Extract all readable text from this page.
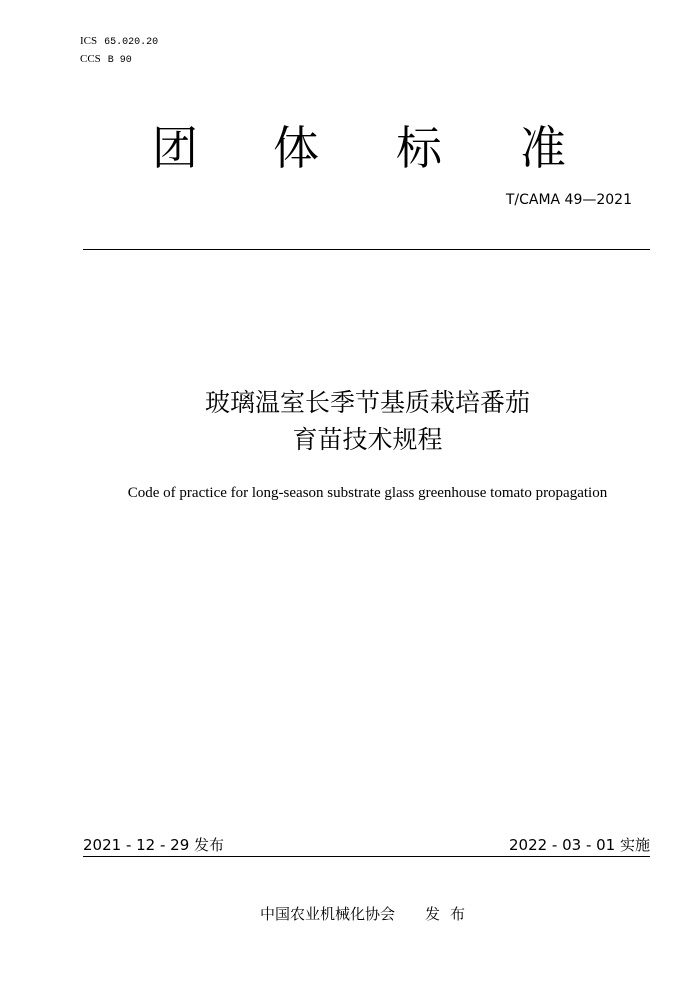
ICS 65.020.20
CCS B 90
团 体 标 准
T/CAMA 49—2021
玻璃温室长季节基质栽培番茄
育苗技术规程
Code of practice for long-season substrate glass greenhouse tomato propagation
2021 - 12 - 29 发布	2022 - 03 - 01 实施
中国农业机械化协会 发布
